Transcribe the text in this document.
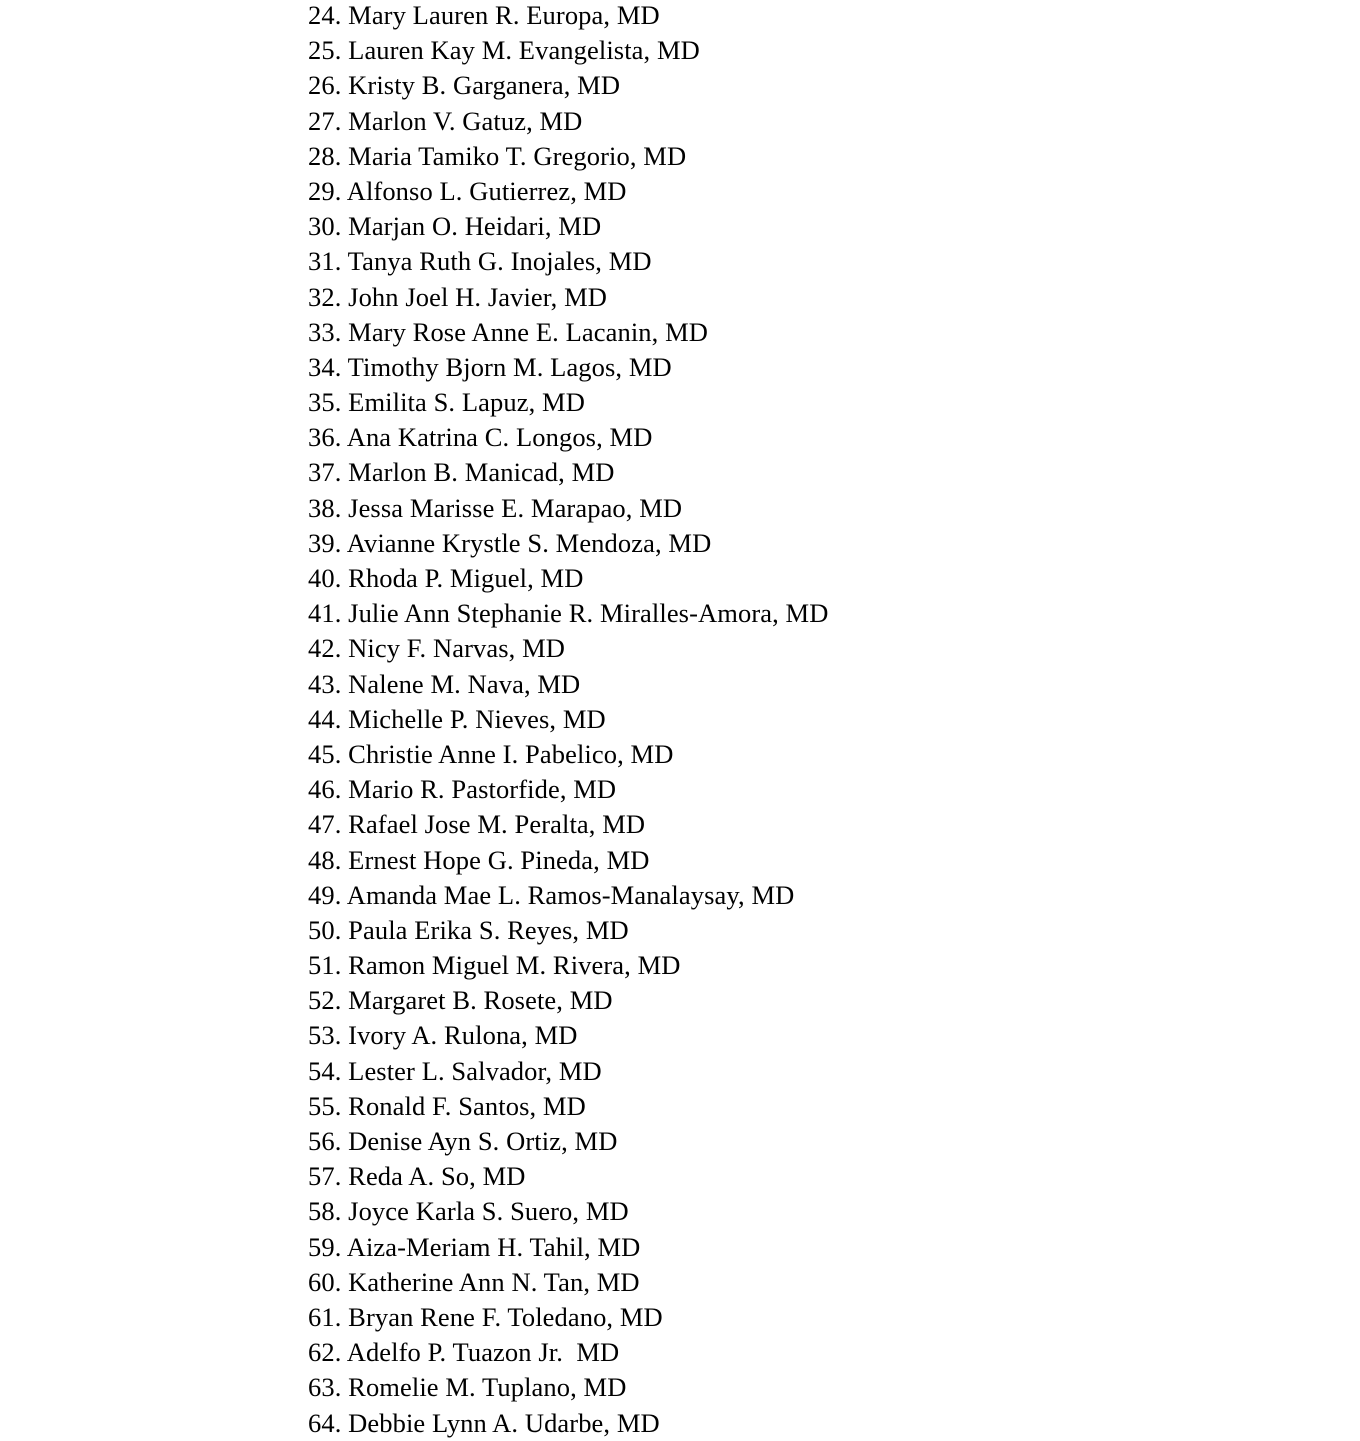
24. Mary Lauren R. Europa, MD
25. Lauren Kay M. Evangelista, MD
26. Kristy B. Garganera, MD
27. Marlon V. Gatuz, MD
28. Maria Tamiko T. Gregorio, MD
29. Alfonso L. Gutierrez, MD
30. Marjan O. Heidari, MD
31. Tanya Ruth G. Inojales, MD
32. John Joel H. Javier, MD
33. Mary Rose Anne E. Lacanin, MD
34. Timothy Bjorn M. Lagos, MD
35. Emilita S. Lapuz, MD
36. Ana Katrina C. Longos, MD
37. Marlon B. Manicad, MD
38. Jessa Marisse E. Marapao, MD
39. Avianne Krystle S. Mendoza, MD
40. Rhoda P. Miguel, MD
41. Julie Ann Stephanie R. Miralles-Amora, MD
42. Nicy F. Narvas, MD
43. Nalene M. Nava, MD
44. Michelle P. Nieves, MD
45. Christie Anne I. Pabelico, MD
46. Mario R. Pastorfide, MD
47. Rafael Jose M. Peralta, MD
48. Ernest Hope G. Pineda, MD
49. Amanda Mae L. Ramos-Manalaysay, MD
50. Paula Erika S. Reyes, MD
51. Ramon Miguel M. Rivera, MD
52. Margaret B. Rosete, MD
53. Ivory A. Rulona, MD
54. Lester L. Salvador, MD
55. Ronald F. Santos, MD
56. Denise Ayn S. Ortiz, MD
57. Reda A. So, MD
58. Joyce Karla S. Suero, MD
59. Aiza-Meriam H. Tahil, MD
60. Katherine Ann N. Tan, MD
61. Bryan Rene F. Toledano, MD
62. Adelfo P. Tuazon Jr.  MD
63. Romelie M. Tuplano, MD
64. Debbie Lynn A. Udarbe, MD
